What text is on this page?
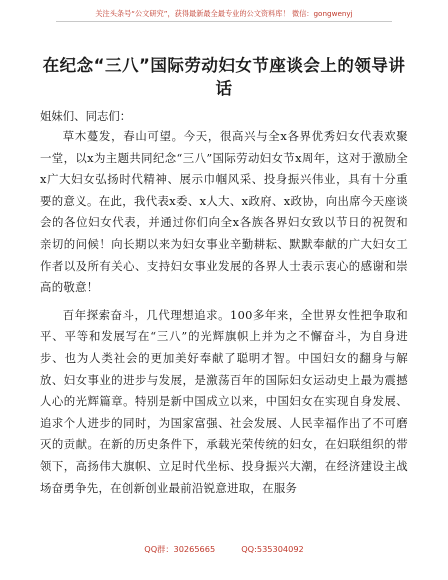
关注头条号“公文研究”，获得最新最全最专业的公文资料库！ 微信：gongwenyj
在纪念“三八”国际劳动妇女节座谈会上的领导讲话
姐妹们、同志们：

草木蔓发，春山可望。今天，很高兴与全x各界优秀妇女代表欢聚一堂，以x为主题共同纪念“三八”国际劳动妇女节x周年，这对于激励全x广大妇女弘扬时代精神、展示巾帼风采、投身振兴伟业，具有十分重要的意义。在此，我代表x委、x人大、x政府、x政协，向出席今天座谈会的各位妇女代表，并通过你们向全x各族各界妇女致以节日的祝贺和亲切的问候！向长期以来为妇女事业辛勤耕耘、默默奉献的广大妇女工作者以及所有关心、支持妇女事业发展的各界人士表示衷心的感谢和崇高的敬意！

百年探索奋斗，几代理想追求。100多年来，全世界女性把争取和平、平等和发展写在“三八”的光辉旗帜上并为之不懈奋斗，为自身进步、也为人类社会的更加美好奉献了聪明才智。中国妇女的翻身与解放、妇女事业的进步与发展，是激荡百年的国际妇女运动史上最为震撼人心的光辉篇章。特别是新中国成立以来，中国妇女在实现自身发展、追求个人进步的同时，为国家富强、社会发展、人民幸福作出了不可磨灭的贡献。在新的历史条件下，承载光荣传统的妇女，在妇联组织的带领下，高扬伟大旗帜、立足时代坐标、投身振兴大潮，在经济建设主战场奋勇争先，在创新创业最前沿锐意进取，在服务

QQ群：30265665	QQ:535304092
